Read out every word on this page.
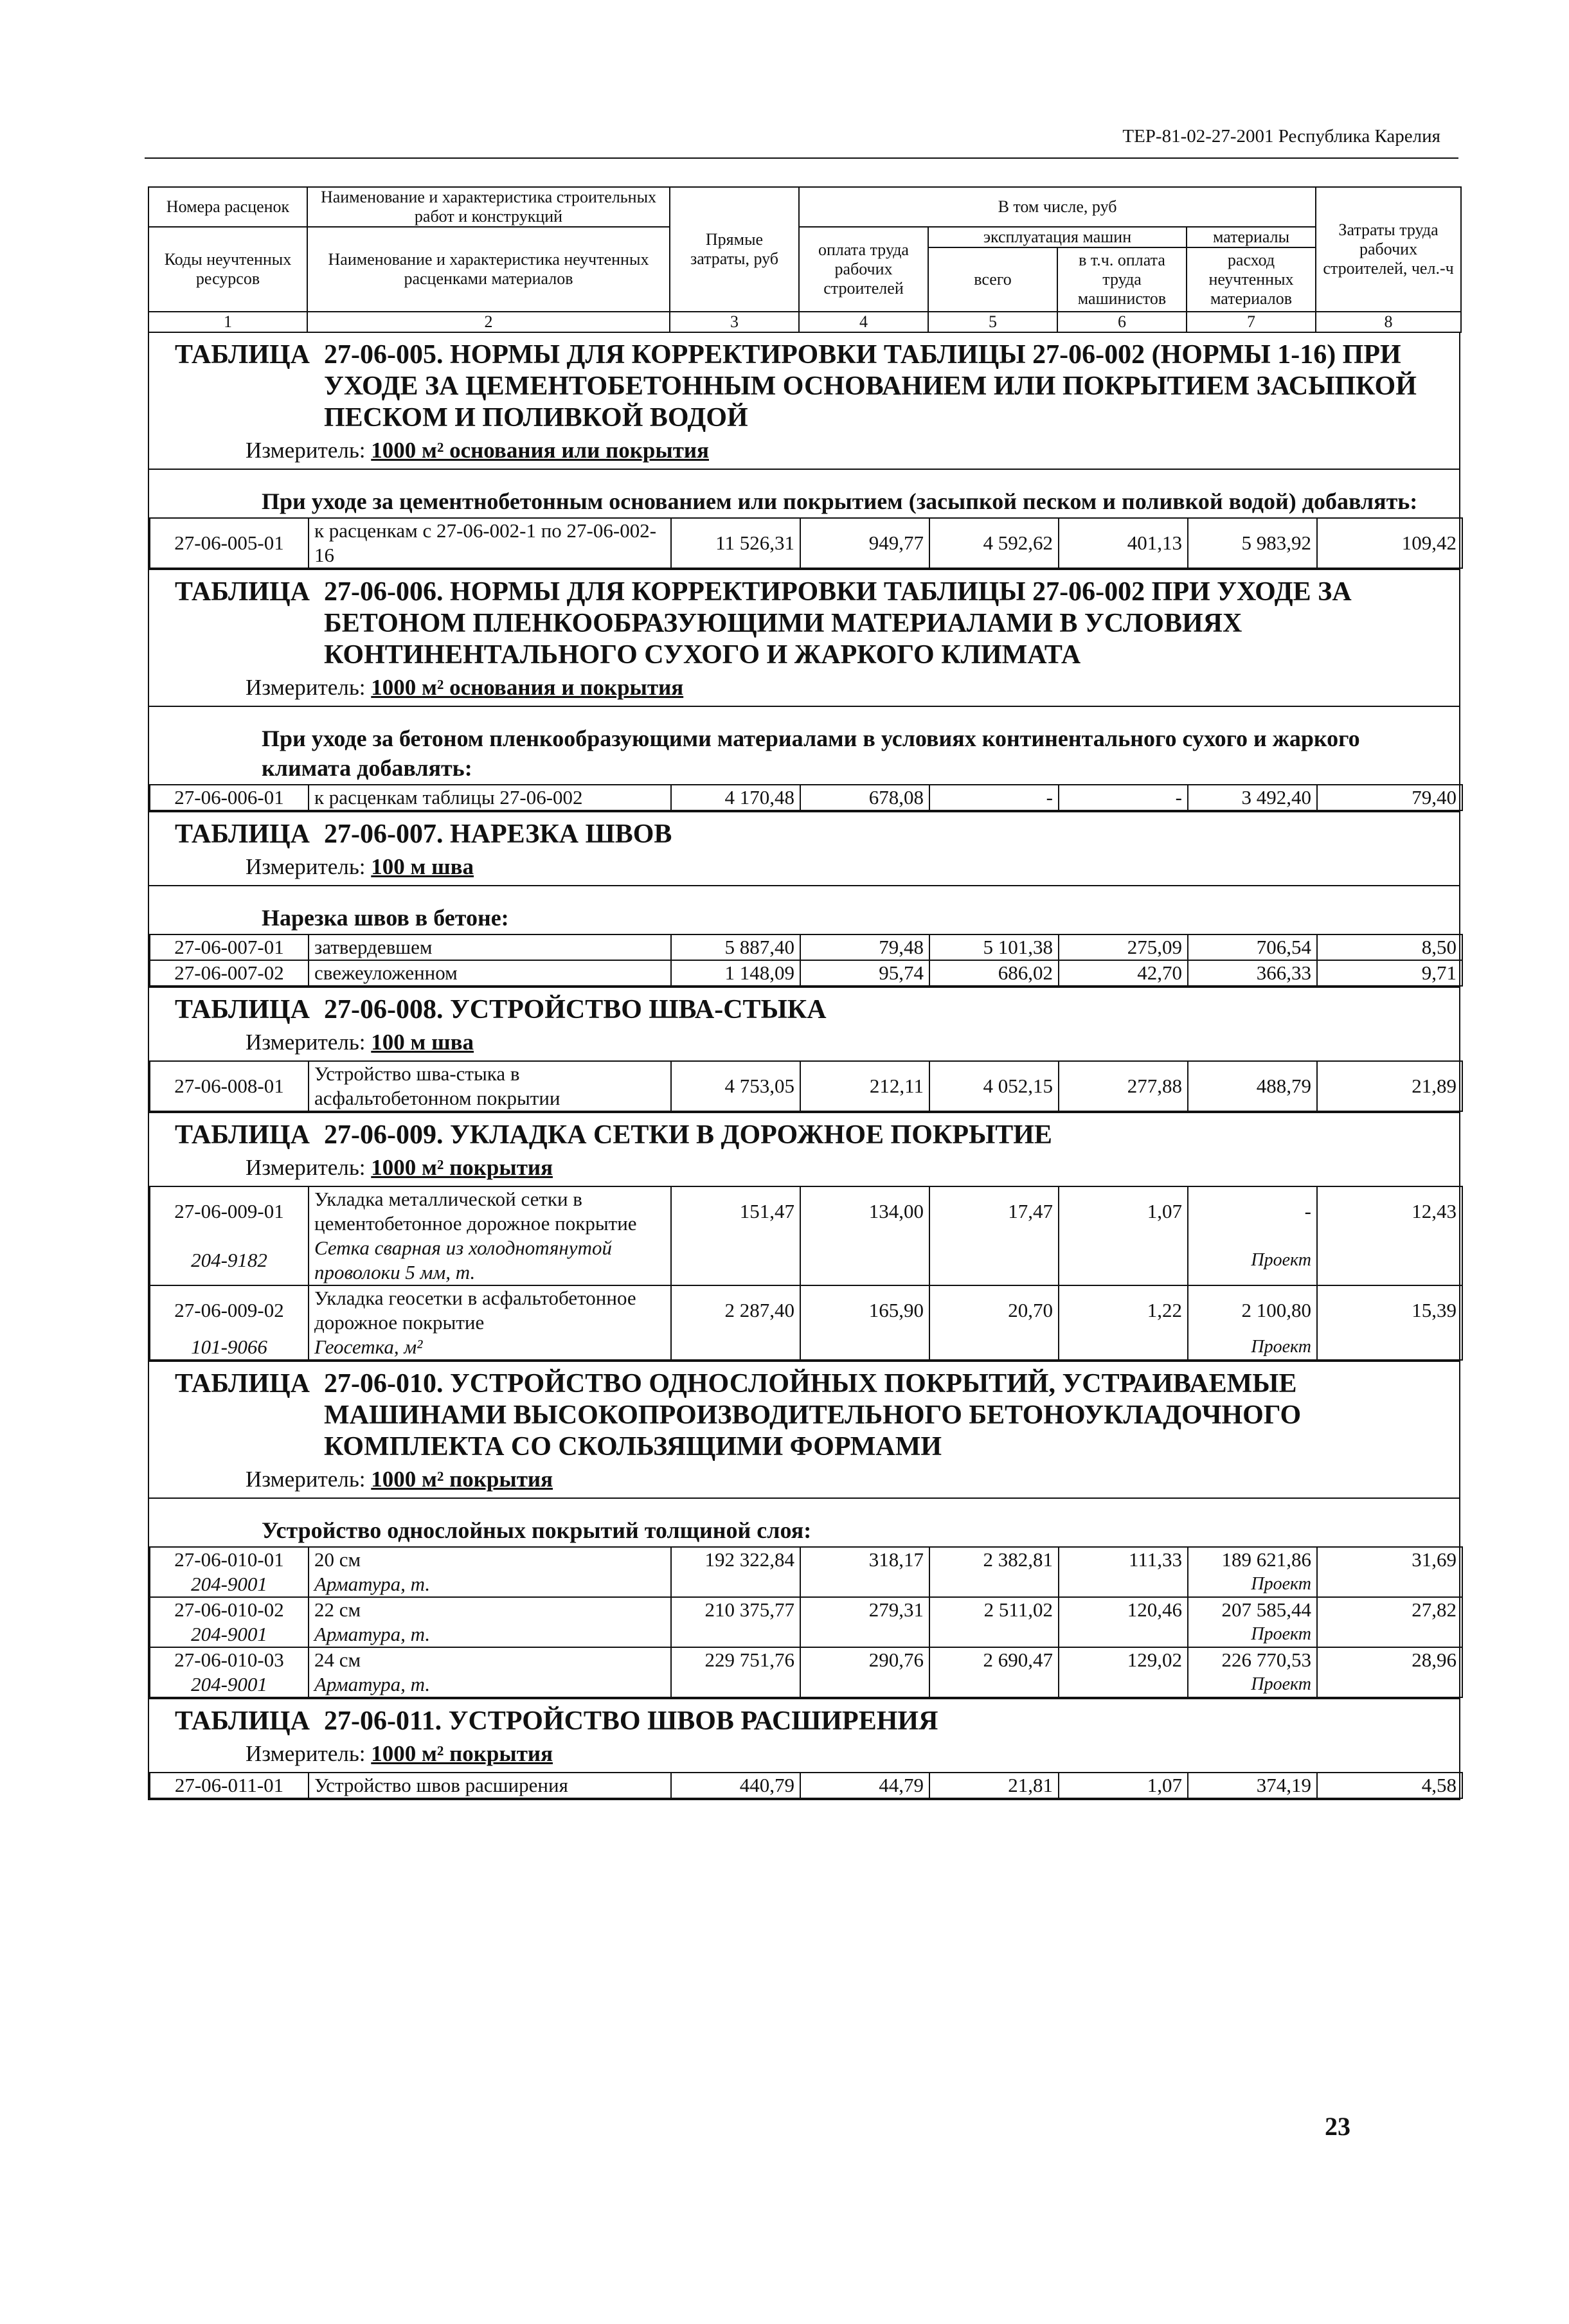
ТЕР-81-02-27-2001 Республика Карелия
Номера расценок	Наименование и характеристика строительных работ и конструкций	Прямые затраты, руб	В том числе, руб				Затраты труда рабочих строителей, чел.-ч
Коды неучтенных ресурсов	Наименование и характеристика неучтенных расценками материалов		оплата труда рабочих строителей	эксплуатация машин		материалы	
				всего	в т.ч. оплата труда машинистов	расход неучтенных материалов	
1	2	3	4	5	6	7	8
ТАБЛИЦА 27-06-005. НОРМЫ ДЛЯ КОРРЕКТИРОВКИ ТАБЛИЦЫ 27-06-002 (НОРМЫ 1-16) ПРИ УХОДЕ ЗА ЦЕМЕНТОБЕТОННЫМ ОСНОВАНИЕМ ИЛИ ПОКРЫТИЕМ ЗАСЫПКОЙ ПЕСКОМ И ПОЛИВКОЙ ВОДОЙ
Измеритель: 1000 м² основания или покрытия
При уходе за цементнобетонным основанием или покрытием (засыпкой песком и поливкой водой) добавлять:
27-06-005-01	к расценкам с 27-06-002-1 по 27-06-002-16	11 526,31	949,77	4 592,62	401,13	5 983,92	109,42
ТАБЛИЦА 27-06-006. НОРМЫ ДЛЯ КОРРЕКТИРОВКИ ТАБЛИЦЫ 27-06-002 ПРИ УХОДЕ ЗА БЕТОНОМ ПЛЕНКООБРАЗУЮЩИМИ МАТЕРИАЛАМИ В УСЛОВИЯХ КОНТИНЕНТАЛЬНОГО СУХОГО И ЖАРКОГО КЛИМАТА
Измеритель: 1000 м² основания и покрытия
При уходе за бетоном пленкообразующими материалами в условиях континентального сухого и жаркого климата добавлять:
27-06-006-01	к расценкам таблицы 27-06-002	4 170,48	678,08	-	-	3 492,40	79,40
ТАБЛИЦА 27-06-007. НАРЕЗКА ШВОВ
Измеритель: 100 м шва
Нарезка швов в бетоне:
27-06-007-01	затвердевшем	5 887,40	79,48	5 101,38	275,09	706,54	8,50
27-06-007-02	свежеуложенном	1 148,09	95,74	686,02	42,70	366,33	9,71
ТАБЛИЦА 27-06-008. УСТРОЙСТВО ШВА-СТЫКА
Измеритель: 100 м шва
27-06-008-01	Устройство шва-стыка в асфальтобетонном покрытии	4 753,05	212,11	4 052,15	277,88	488,79	21,89
ТАБЛИЦА 27-06-009. УКЛАДКА СЕТКИ В ДОРОЖНОЕ ПОКРЫТИЕ
Измеритель: 1000 м² покрытия
27-06-009-01	Укладка металлической сетки в цементобетонное дорожное покрытие	151,47	134,00	17,47	1,07	-	12,43
204-9182	Сетка сварная из холоднотянутой проволоки 5 мм, т.					Проект	
27-06-009-02	Укладка геосетки в асфальтобетонное дорожное покрытие	2 287,40	165,90	20,70	1,22	2 100,80	15,39
101-9066	Геосетка, м²					Проект	
ТАБЛИЦА 27-06-010. УСТРОЙСТВО ОДНОСЛОЙНЫХ ПОКРЫТИЙ, УСТРАИВАЕМЫЕ МАШИНАМИ ВЫСОКОПРОИЗВОДИТЕЛЬНОГО БЕТОНОУКЛАДОЧНОГО КОМПЛЕКТА СО СКОЛЬЗЯЩИМИ ФОРМАМИ
Измеритель: 1000 м² покрытия
Устройство однослойных покрытий толщиной слоя:
27-06-010-01	20 см	192 322,84	318,17	2 382,81	111,33	189 621,86	31,69
204-9001	Арматура, т.					Проект	
27-06-010-02	22 см	210 375,77	279,31	2 511,02	120,46	207 585,44	27,82
204-9001	Арматура, т.					Проект	
27-06-010-03	24 см	229 751,76	290,76	2 690,47	129,02	226 770,53	28,96
204-9001	Арматура, т.					Проект	
ТАБЛИЦА 27-06-011. УСТРОЙСТВО ШВОВ РАСШИРЕНИЯ
Измеритель: 1000 м² покрытия
27-06-011-01	Устройство швов расширения	440,79	44,79	21,81	1,07	374,19	4,58
23
